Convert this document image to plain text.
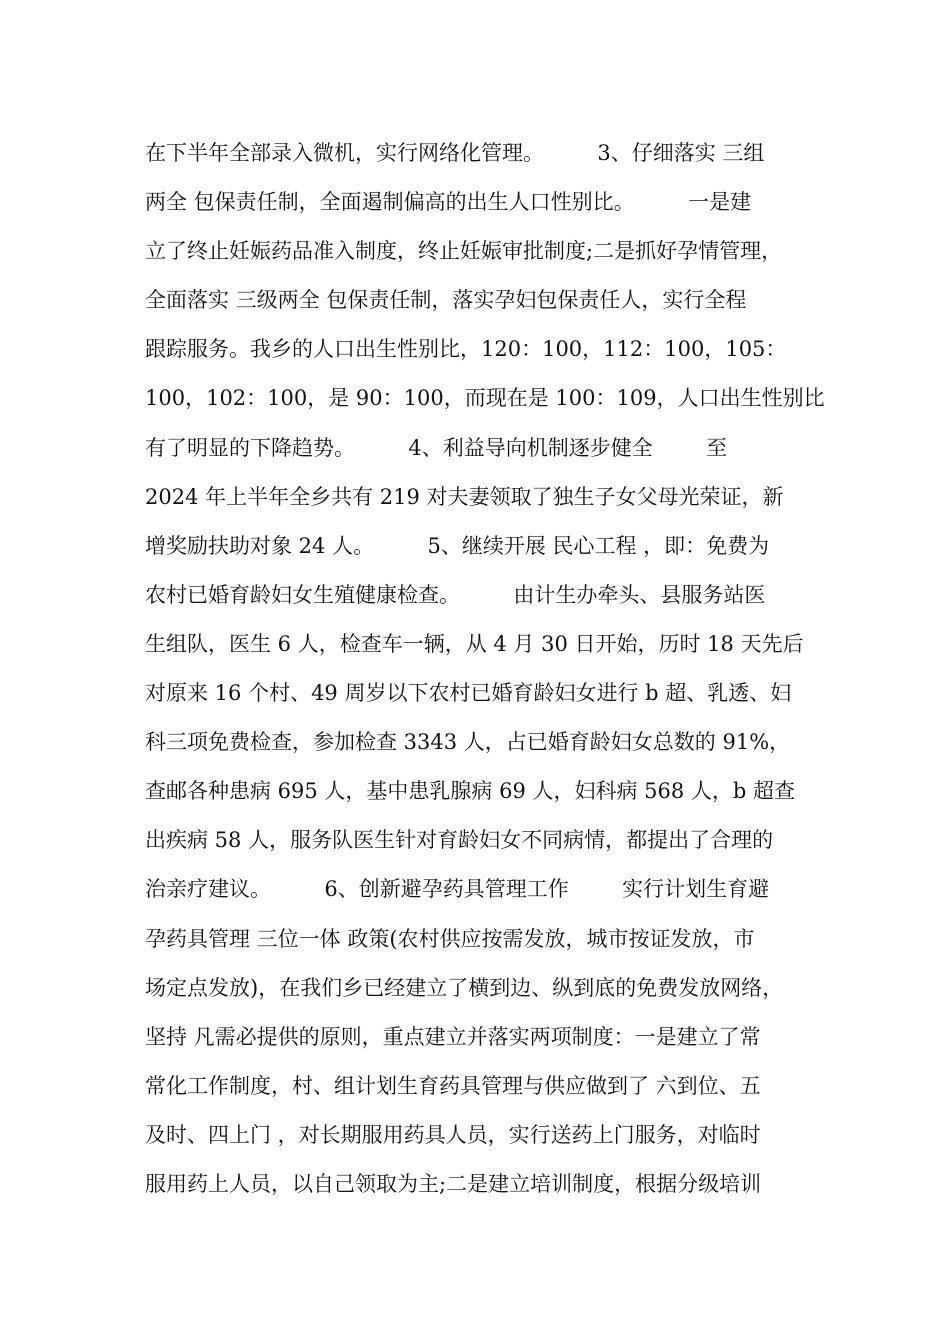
在下半年全部录入微机，实行网络化管理。        3、仔细落实 三组
两全 包保责任制，全面遏制偏高的出生人口性别比。        一是建
立了终止妊娠药品准入制度，终止妊娠审批制度;二是抓好孕情管理，
全面落实 三级两全 包保责任制，落实孕妇包保责任人，实行全程
跟踪服务。我乡的人口出生性别比，120：100，112：100，105：
100，102：100，是 90：100，而现在是 100：109，人口出生性别比
有了明显的下降趋势。        4、利益导向机制逐步健全        至
2024 年上半年全乡共有 219 对夫妻领取了独生子女父母光荣证，新
增奖励扶助对象 24 人。        5、继续开展 民心工程 ，即：免费为
农村已婚育龄妇女生殖健康检查。        由计生办牵头、县服务站医
生组队，医生 6 人，检查车一辆，从 4 月 30 日开始，历时 18 天先后
对原来 16 个村、49 周岁以下农村已婚育龄妇女进行 b 超、乳透、妇
科三项免费检查，参加检查 3343 人，占已婚育龄妇女总数的 91%，
查邮各种患病 695 人，基中患乳腺病 69 人，妇科病 568 人，b 超查
出疾病 58 人，服务队医生针对育龄妇女不同病情，都提出了合理的
治亲疗建议。        6、创新避孕药具管理工作        实行计划生育避
孕药具管理 三位一体 政策(农村供应按需发放，城市按证发放，市
场定点发放)，在我们乡已经建立了横到边、纵到底的免费发放网络，
坚持 凡需必提供的原则，重点建立并落实两项制度：一是建立了常
常化工作制度，村、组计划生育药具管理与供应做到了 六到位、五
及时、四上门 ，对长期服用药具人员，实行送药上门服务，对临时
服用药上人员，以自己领取为主;二是建立培训制度，根据分级培训
